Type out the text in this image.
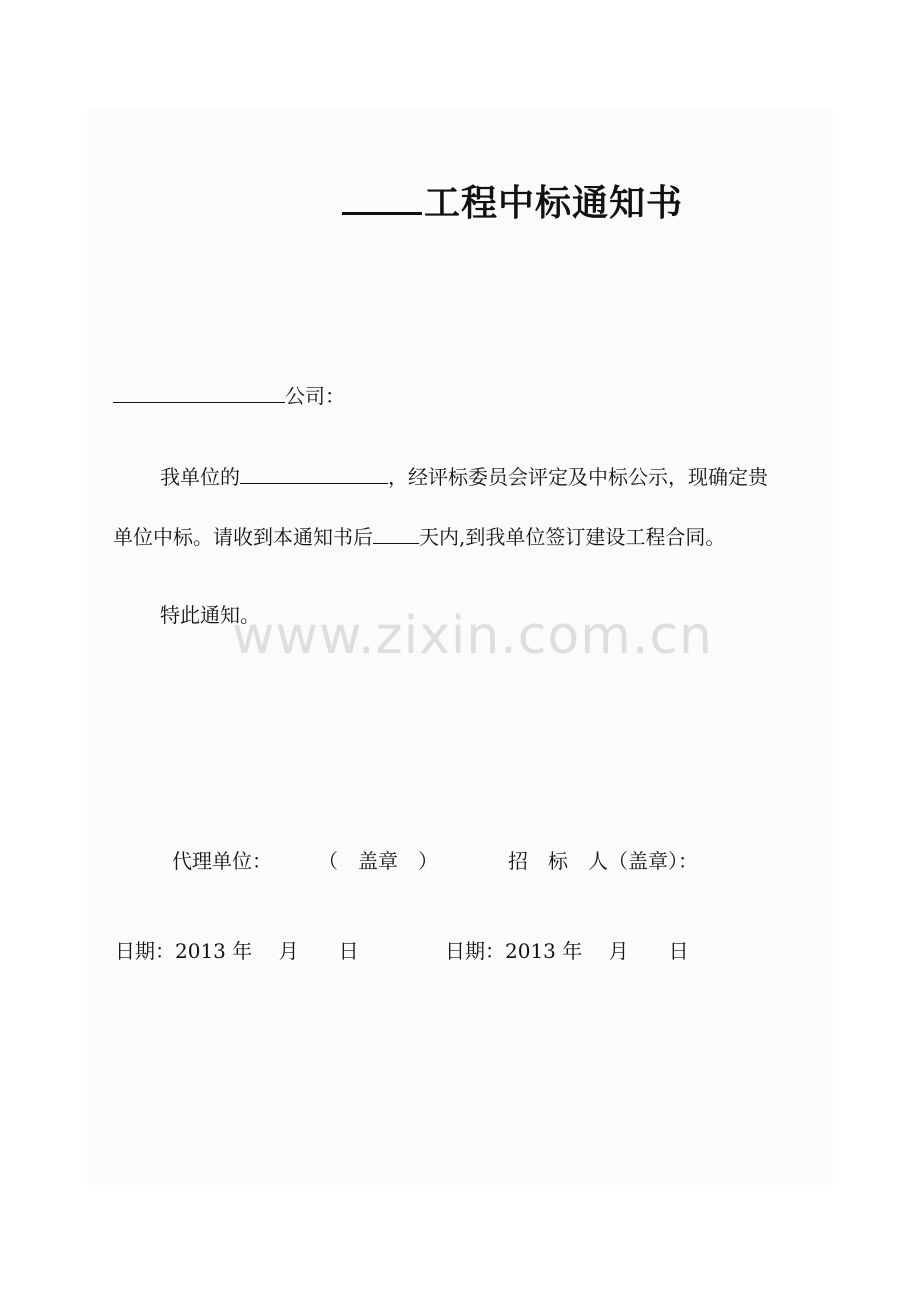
工程中标通知书
公司：
我单位的	，经评标委员会评定及中标公示，现确定贵
单位中标。请收到本通知书后 天内,到我单位签订建设工程合同。
特此通知。
www.zixin.com.cn
代理单位： （　盖章　）	招　标　人（盖章）：
日期：2013 年　 月　　日	日期：2013 年　 月　　日
